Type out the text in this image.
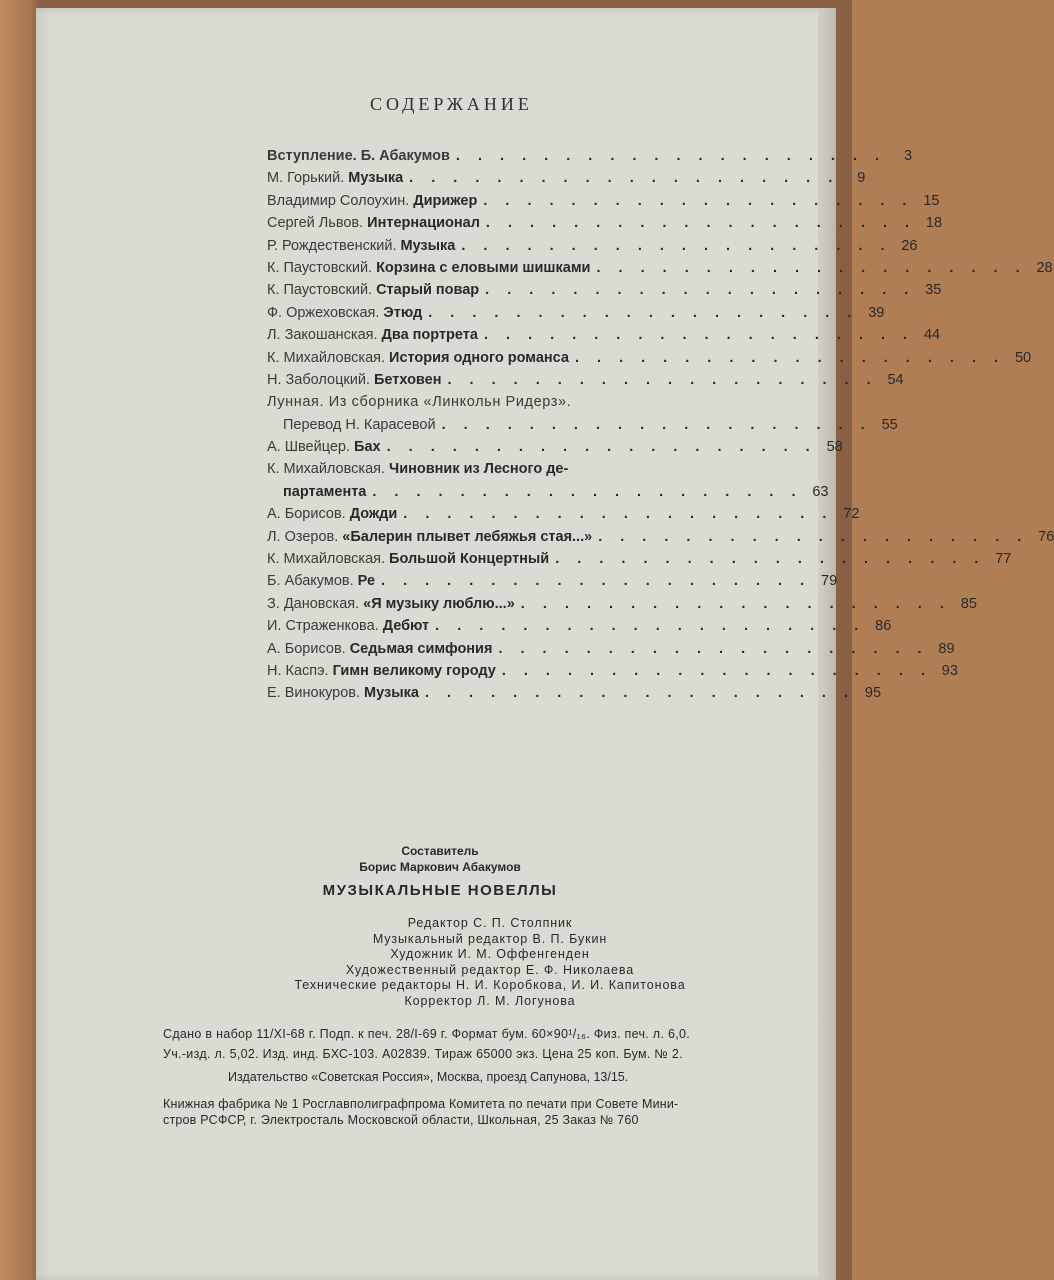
СОДЕРЖАНИЕ
Вступление. Б. Абакумов . . . . . . . . . . . . . . . . . . . .	3
М. Горький. Музыка . . . . . . . . . . . . . . . . . . . .	9
Владимир Солоухин. Дирижер . . . . . . . . . . . . . . . . . . . . 15
Сергей Львов. Интернационал . . . . . . . . . . . . . . . . . . . . 18
Р. Рождественский. Музыка . . . . . . . . . . . . . . . . . . . . 26
К. Паустовский. Корзина с еловыми шишками . . . . . . . . . . . . . . . . . . . . 28
К. Паустовский. Старый повар . . . . . . . . . . . . . . . . . . . . 35
Ф. Оржеховская. Этюд . . . . . . . . . . . . . . . . . . . . 39
Л. Закошанская. Два портрета . . . . . . . . . . . . . . . . . . . . 44
К. Михайловская. История одного романса . . . . . . . . . . . . . . . . . . . . 50
Н. Заболоцкий. Бетховен . . . . . . . . . . . . . . . . . . . . 54
Лунная. Из сборника «Линкольн Ридерз».
Перевод Н. Карасевой . . . . . . . . . . . . . . . . . . . . 55
А. Швейцер. Бах . . . . . . . . . . . . . . . . . . . . 58
К. Михайловская. Чиновник из Лесного де-
партамента . . . . . . . . . . . . . . . . . . . . 63
А. Борисов. Дожди . . . . . . . . . . . . . . . . . . . . 72
Л. Озеров. «Балерин плывет лебяжья стая...» . . . . . . . . . . . . . . . . . . . . 76
К. Михайловская. Большой Концертный . . . . . . . . . . . . . . . . . . . . 77
Б. Абакумов. Ре . . . . . . . . . . . . . . . . . . . . 79
З. Дановская. «Я музыку люблю...» . . . . . . . . . . . . . . . . . . . . 85
И. Страженкова. Дебют . . . . . . . . . . . . . . . . . . . . 86
А. Борисов. Седьмая симфония . . . . . . . . . . . . . . . . . . . . 89
Н. Каспэ. Гимн великому городу . . . . . . . . . . . . . . . . . . . . 93
Е. Винокуров. Музыка . . . . . . . . . . . . . . . . . . . . 95
Составитель
Борис Маркович Абакумов
МУЗЫКАЛЬНЫЕ НОВЕЛЛЫ
Редактор С. П. Столпник
Музыкальный редактор В. П. Букин
Художник И. М. Оффенгенден
Художественный редактор Е. Ф. Николаева
Технические редакторы Н. И. Коробкова, И. И. Капитонова
Корректор Л. М. Логунова
Сдано в набор 11/XI-68 г. Подп. к печ. 28/I-69 г. Формат бум. 60×90¹/₁₆. Физ. печ. л. 6,0.
Уч.-изд. л. 5,02. Изд. инд. БХС-103. А02839. Тираж 65000 экз. Цена 25 коп. Бум. № 2.
Издательство «Советская Россия», Москва, проезд Сапунова, 13/15.
Книжная фабрика № 1 Росглавполиграфпрома Комитета по печати при Совете Мини-
стров РСФСР, г. Электросталь Московской области, Школьная, 25 Заказ № 760
